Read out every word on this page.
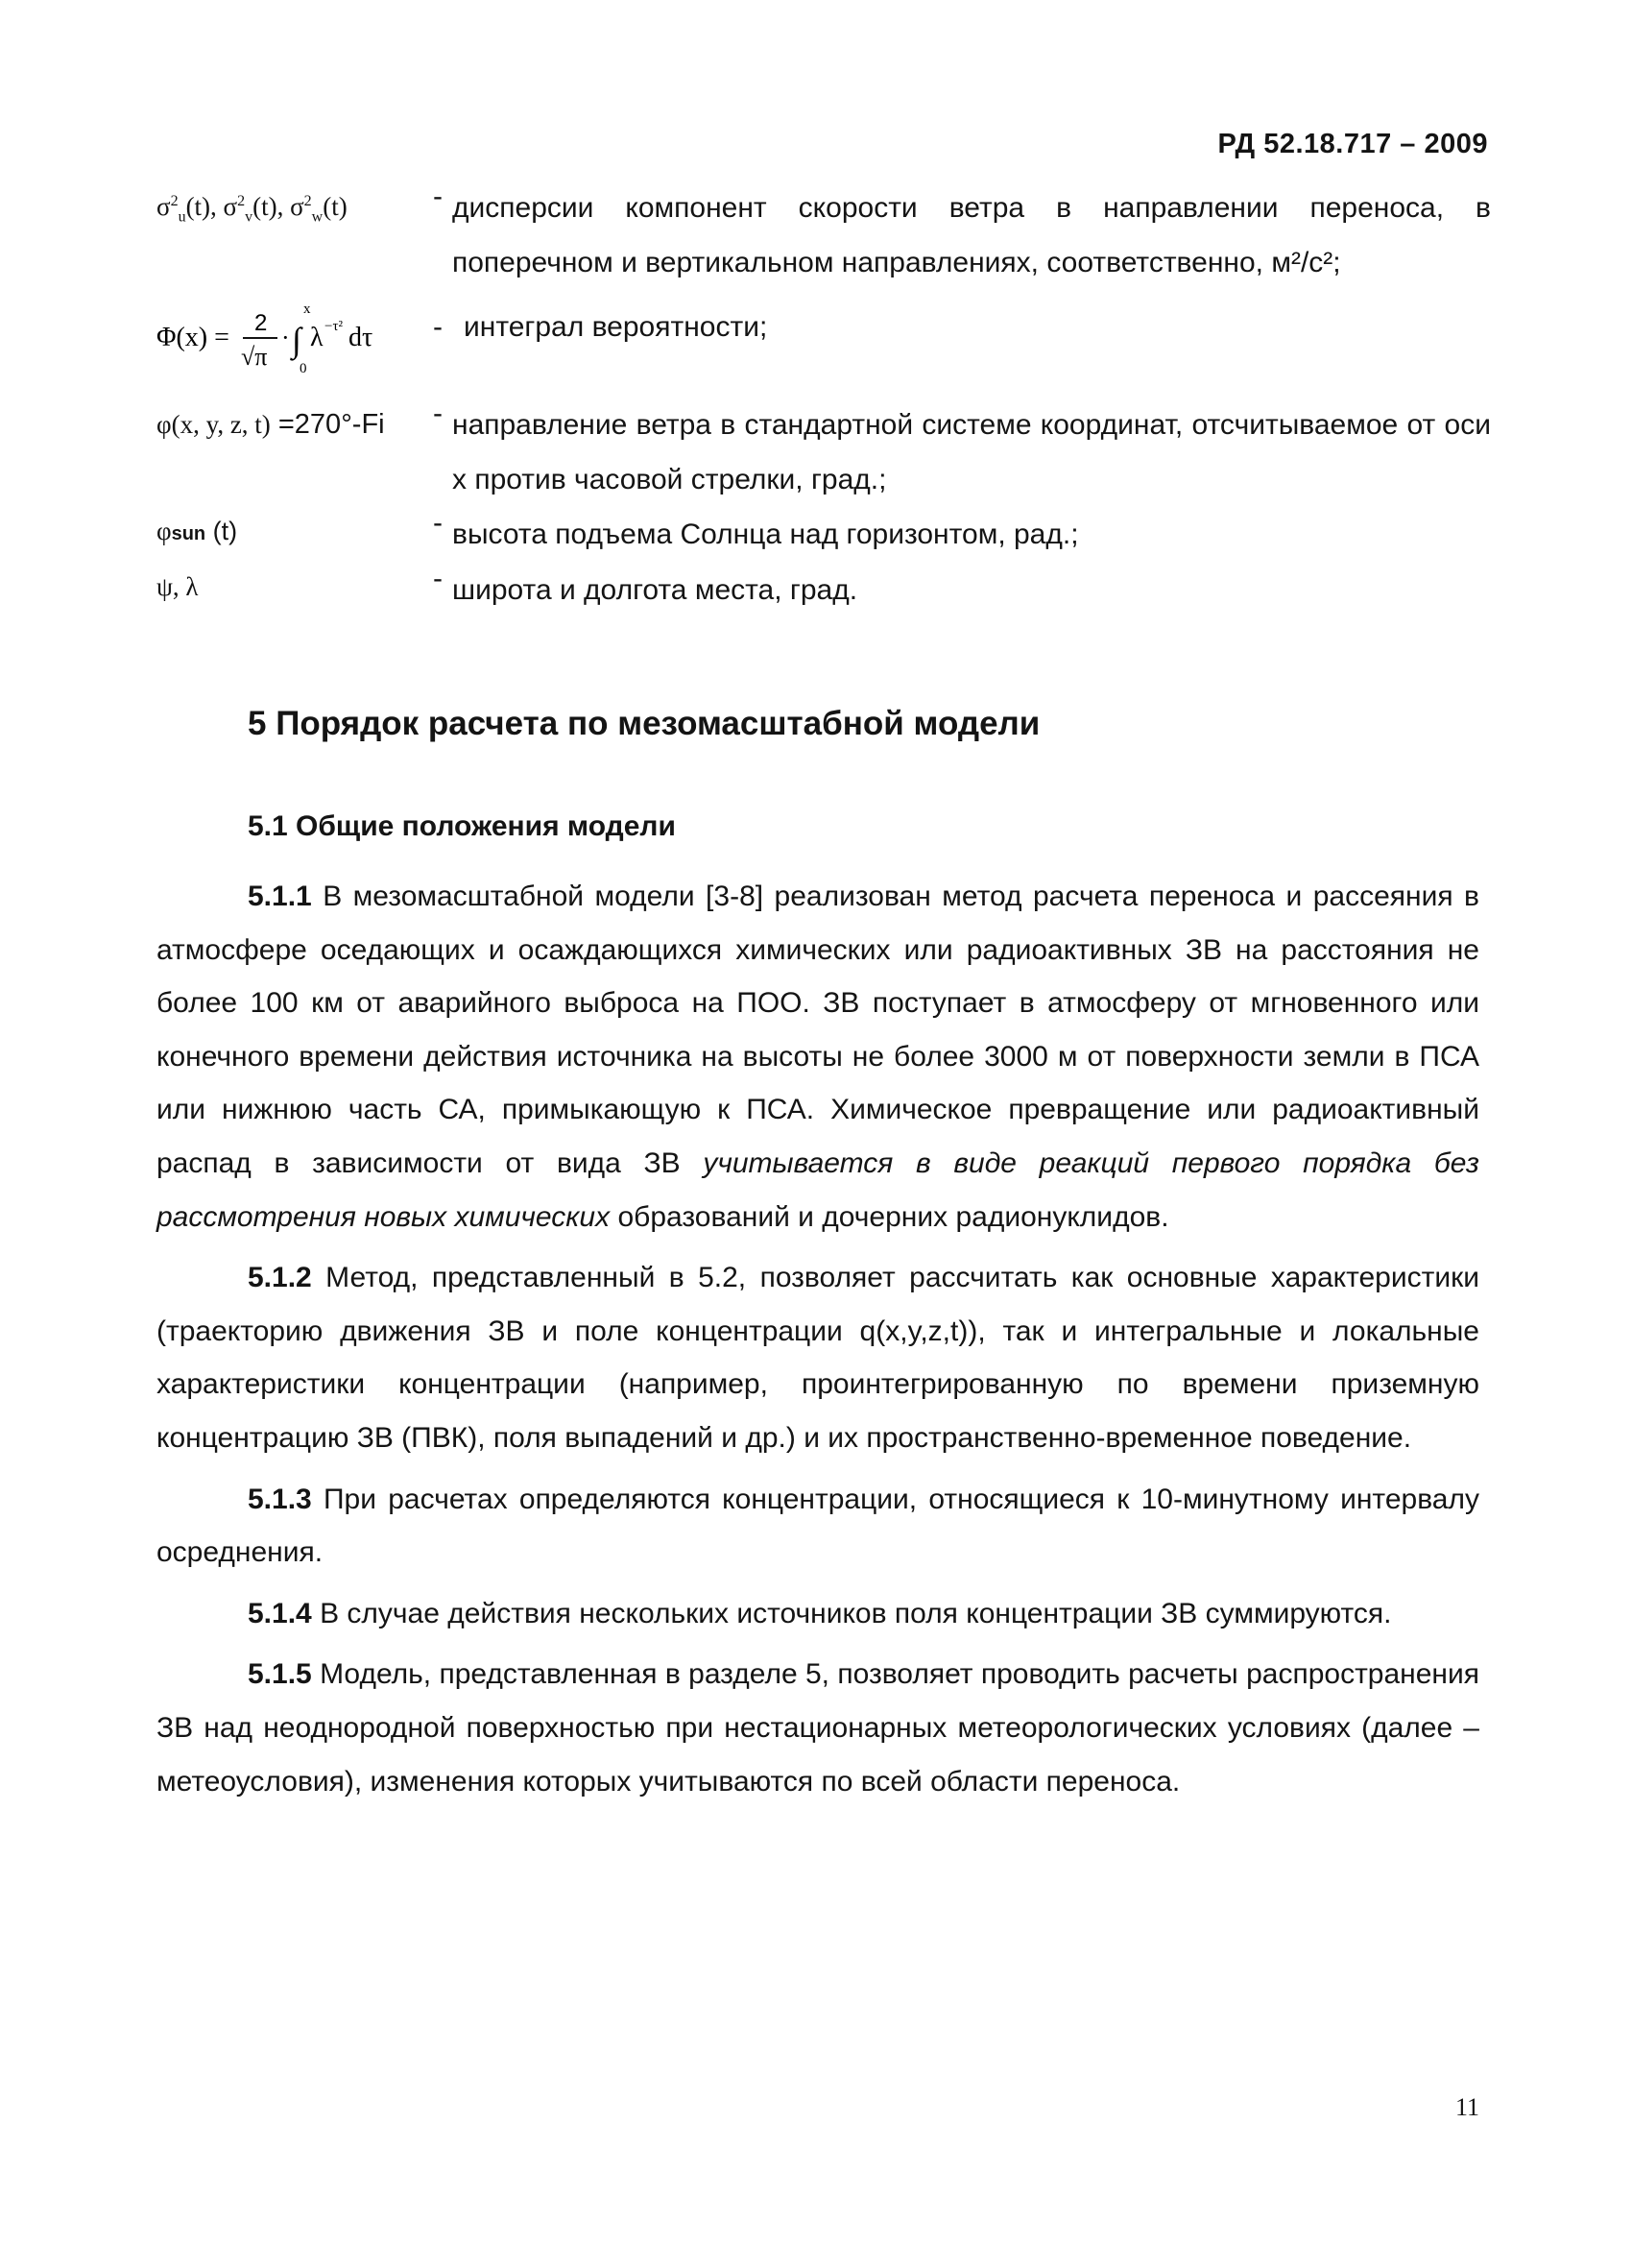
РД 52.18.717 – 2009
$\sigma^2_u(t)$, $\sigma^2_v(t)$, $\sigma^2_w(t)$	- дисперсии компонент скорости ветра в направлении переноса, в поперечном и вертикальном направлениях, соответственно, м²/с²;
Φ(x) = 2
√π
· ∫
x
0
λ −τ² dτ	- интеграл вероятности;
φ(x, y, z, t) =270°-Fi	- направление ветра в стандартной системе координат, отсчитываемое от оси х против часовой стрелки, град.;
φsun (t)	- высота подъема Солнца над горизонтом, рад.;
ψ, λ	- широта и долгота места, град.
5 Порядок расчета по мезомасштабной модели
5.1 Общие положения модели

5.1.1 В мезомасштабной модели [3-8] реализован метод расчета переноса и рассеяния в атмосфере оседающих и осаждающихся химических или радиоактивных ЗВ на расстояния не более 100 км от аварийного выброса на ПОО. ЗВ поступает в атмосферу от мгновенного или конечного времени действия источника на высоты не более 3000 м от поверхности земли в ПСА или нижнюю часть СА, примыкающую к ПСА. Химическое превращение или радиоактивный распад в зависимости от вида ЗВ учитывается в виде реакций первого порядка без рассмотрения новых химических образований и дочерних радионуклидов.

5.1.2 Метод, представленный в 5.2, позволяет рассчитать как основные характеристики (траекторию движения ЗВ и поле концентрации q(x,y,z,t)), так и интегральные и локальные характеристики концентрации (например, проинтегрированную по времени приземную концентрацию ЗВ (ПВК), поля выпадений и др.) и их пространственно-временное поведение.

5.1.3 При расчетах определяются концентрации, относящиеся к 10-минутному интервалу осреднения.

5.1.4 В случае действия нескольких источников поля концентрации ЗВ суммируются.

5.1.5 Модель, представленная в разделе 5, позволяет проводить расчеты распространения ЗВ над неоднородной поверхностью при нестационарных метеорологических условиях (далее – метеоусловия), изменения которых учитываются по всей области переноса.

11
